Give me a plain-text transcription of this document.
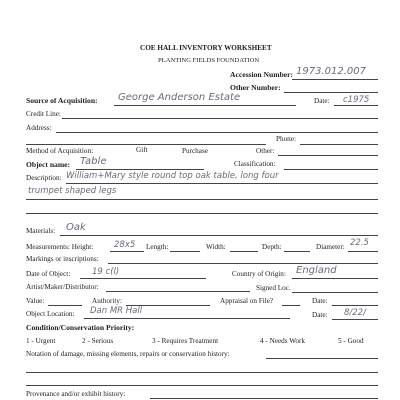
COE HALL INVENTORY WORKSHEET
PLANTING FIELDS FOUNDATION
Accession Number: 1973.012.007
Other Number:
Source of Acquisition: George Anderson Estate	Date: c1975
Credit Line:
Address:
Phone:
Method of Acquisition:	Gift	Purchase	Other:
Object name: Table	Classification:
Description: William+Mary style round top oak table, long four
trumpet shaped legs
Materials: Oak
Measurements: Height: 28x5 Length:	Width:	Depth:	Diameter: 22.5
Markings or inscriptions:
Date of Object:	19 c(l)	Country of Origin: England
Artist/Maker/Distributor:	Signed Loc.
Value:	Authority:	Appraisal on File?	Date:
Object Location: Dan MR Hall	Date: 8/22/
Condition/Conservation Priority:
1 - Urgent	2 - Serious	3 - Requires Treatment	4 - Needs Work	5 - Good
Notation of damage, missing elements, repairs or conservation history:
Provenance and/or exhibit history:
